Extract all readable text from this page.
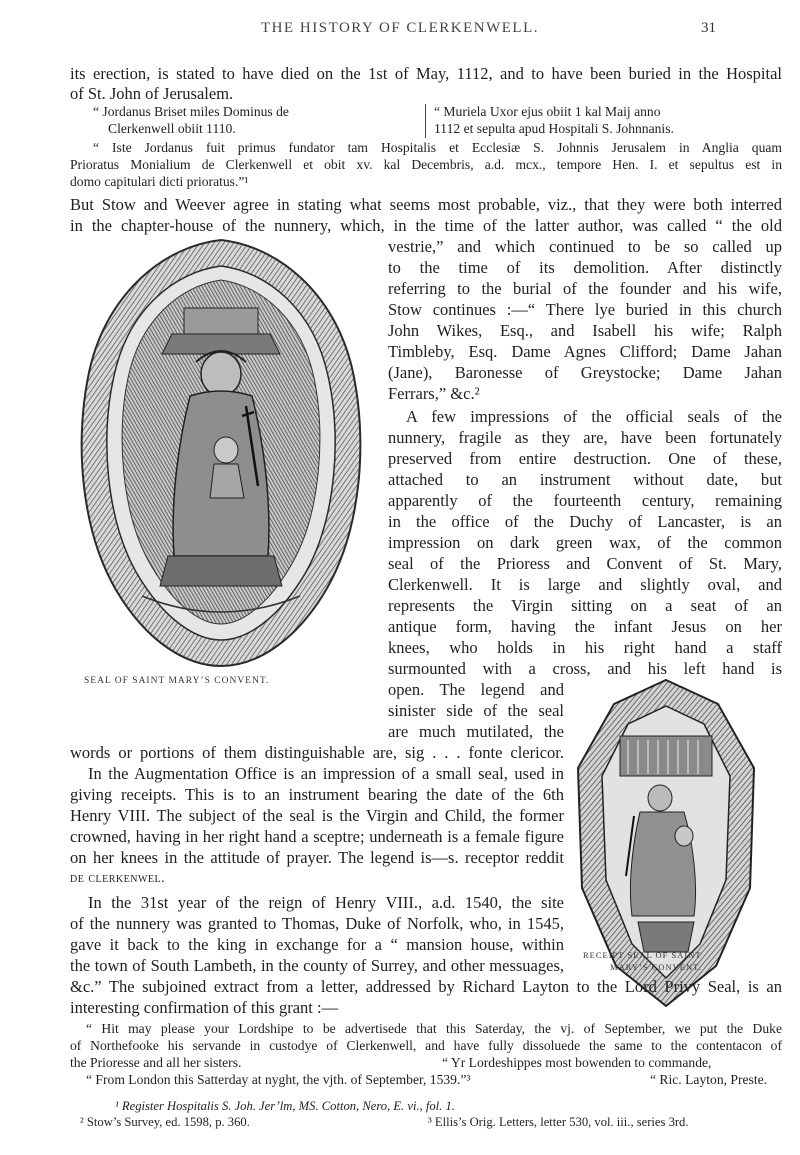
THE HISTORY OF CLERKENWELL.	31
its erection, is stated to have died on the 1st of May, 1112, and to have been buried in the Hospital
of St. John of Jerusalem.
“ Jordanus Briset miles Dominus de
Clerkenwell obiit 1110.
“ Muriela Uxor ejus obiit 1 kal Maij anno
1112 et sepulta apud Hospitali S. Johnnanis.
“ Iste Jordanus fuit primus fundator tam Hospitalis et Ecclesiæ S. Johnnis Jerusalem in Anglia quam
Prioratus Monialium de Clerkenwell et obit xv. kal Decembris, a.d. mcx., tempore Hen. I. et sepultus est in
domo capitulari dicti prioratus.”¹
But Stow and Weever agree in stating what seems most probable, viz., that they were both interred
in the chapter-house of the nunnery, which, in the time of the latter author, was called “ the old
SEAL OF SAINT MARY’S CONVENT.
vestrie,” and which continued to be so called up
to the time of its demolition. After distinctly
referring to the burial of the founder and his wife,
Stow continues :—“ There lye buried in this church
John Wikes, Esq., and Isabell his wife; Ralph
Timbleby, Esq. Dame Agnes Clifford; Dame Jahan
(Jane), Baronesse of Greystocke; Dame Jahan
Ferrars,” &c.²
A few impressions of the official seals of the
nunnery, fragile as they are, have been fortunately
preserved from entire destruction. One of these,
attached to an instrument without date, but
apparently of the fourteenth century, remaining
in the office of the Duchy of Lancaster, is an
impression on dark green wax, of the common
seal of the Prioress and Convent of St. Mary,
Clerkenwell. It is large and slightly oval, and
represents the Virgin sitting on a seat of an
antique form, having the infant Jesus on her
knees, who holds in his right hand a staff
surmounted with a cross, and his left hand is
open. The legend and
sinister side of the seal
are much mutilated, the
words or portions of them distinguishable are, sig . . . fonte clericor.
In the Augmentation Office is an impression of a small seal, used in
giving receipts. This is to an instrument bearing the date of the 6th
Henry VIII. The subject of the seal is the Virgin and Child, the former
crowned, having in her right hand a sceptre; underneath is a female figure
on her knees in the attitude of prayer. The legend is—s. receptor reddit
de clerkenwel.
In the 31st year of the reign of Henry VIII., a.d. 1540, the site
of the nunnery was granted to Thomas, Duke of Norfolk, who, in 1545,
gave it back to the king in exchange for a “ mansion house, within
the town of South Lambeth, in the county of Surrey, and other messuages,
RECEIPT SEAL OF SAINT
MARY’S CONVENT.
&c.” The subjoined extract from a letter, addressed by Richard Layton to the Lord Privy Seal, is an
interesting confirmation of this grant :—
“ Hit may please your Lordshipe to be advertisede that this Saterday, the vj. of September, we put the Duke
of Northefooke his servande in custodye of Clerkenwell, and have fully dissoluede the same to the contentacon of
the Prioresse and all her sisters.	“ Yr Lordeshippes most bowenden to commande,
“ From London this Satterday at nyght, the vjth. of September, 1539.”³	“ Ric. Layton, Preste.
¹ Register Hospitalis S. Joh. Jer’lm, MS. Cotton, Nero, E. vi., fol. 1.
² Stow’s Survey, ed. 1598, p. 360.	³ Ellis’s Orig. Letters, letter 530, vol. iii., series 3rd.
